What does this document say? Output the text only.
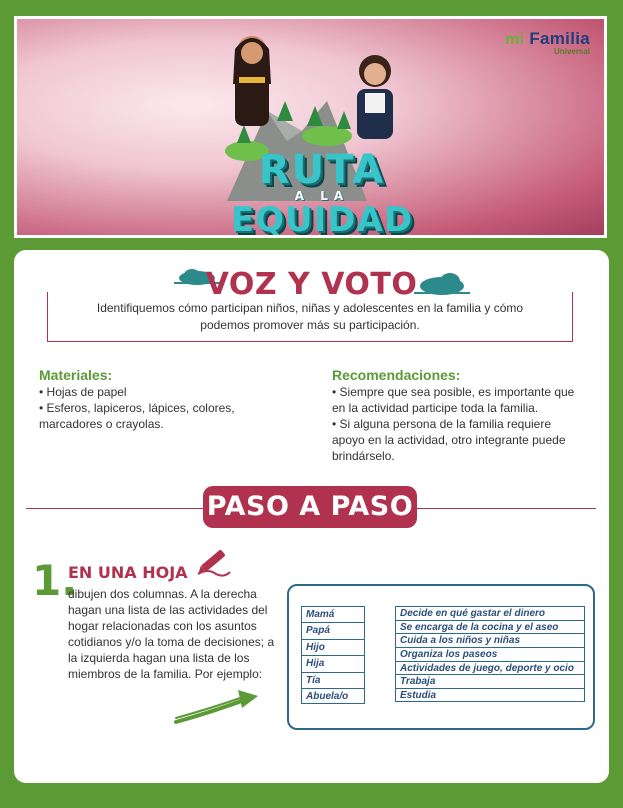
mi Familia
Universal
RUTA
A LA
EQUIDAD
VOZ Y VOTO
Identifiquemos cómo participan niños, niñas y adolescentes en la familia y cómo podemos promover más su participación.
Materiales:
• Hojas de papel
• Esferos, lapiceros, lápices, colores, marcadores o crayolas.
Recomendaciones:
• Siempre que sea posible, es importante que en la actividad participe toda la familia.
• Si alguna persona de la familia requiere apoyo en la actividad, otro integrante puede brindárselo.
PASO A PASO
1.
EN UNA HOJA
dibujen dos columnas. A la derecha hagan una lista de las actividades del hogar relacionadas con los asuntos cotidianos y/o la toma de decisiones; a la izquierda hagan una lista de los miembros de la familia. Por ejemplo:
Mamá
Papá
Hijo
Hija
Tía
Abuela/o
Decide en qué gastar el dinero
Se encarga de la cocina y el aseo
Cuida a los niños y niñas
Organiza los paseos
Actividades de juego, deporte y ocio
Trabaja
Estudia
